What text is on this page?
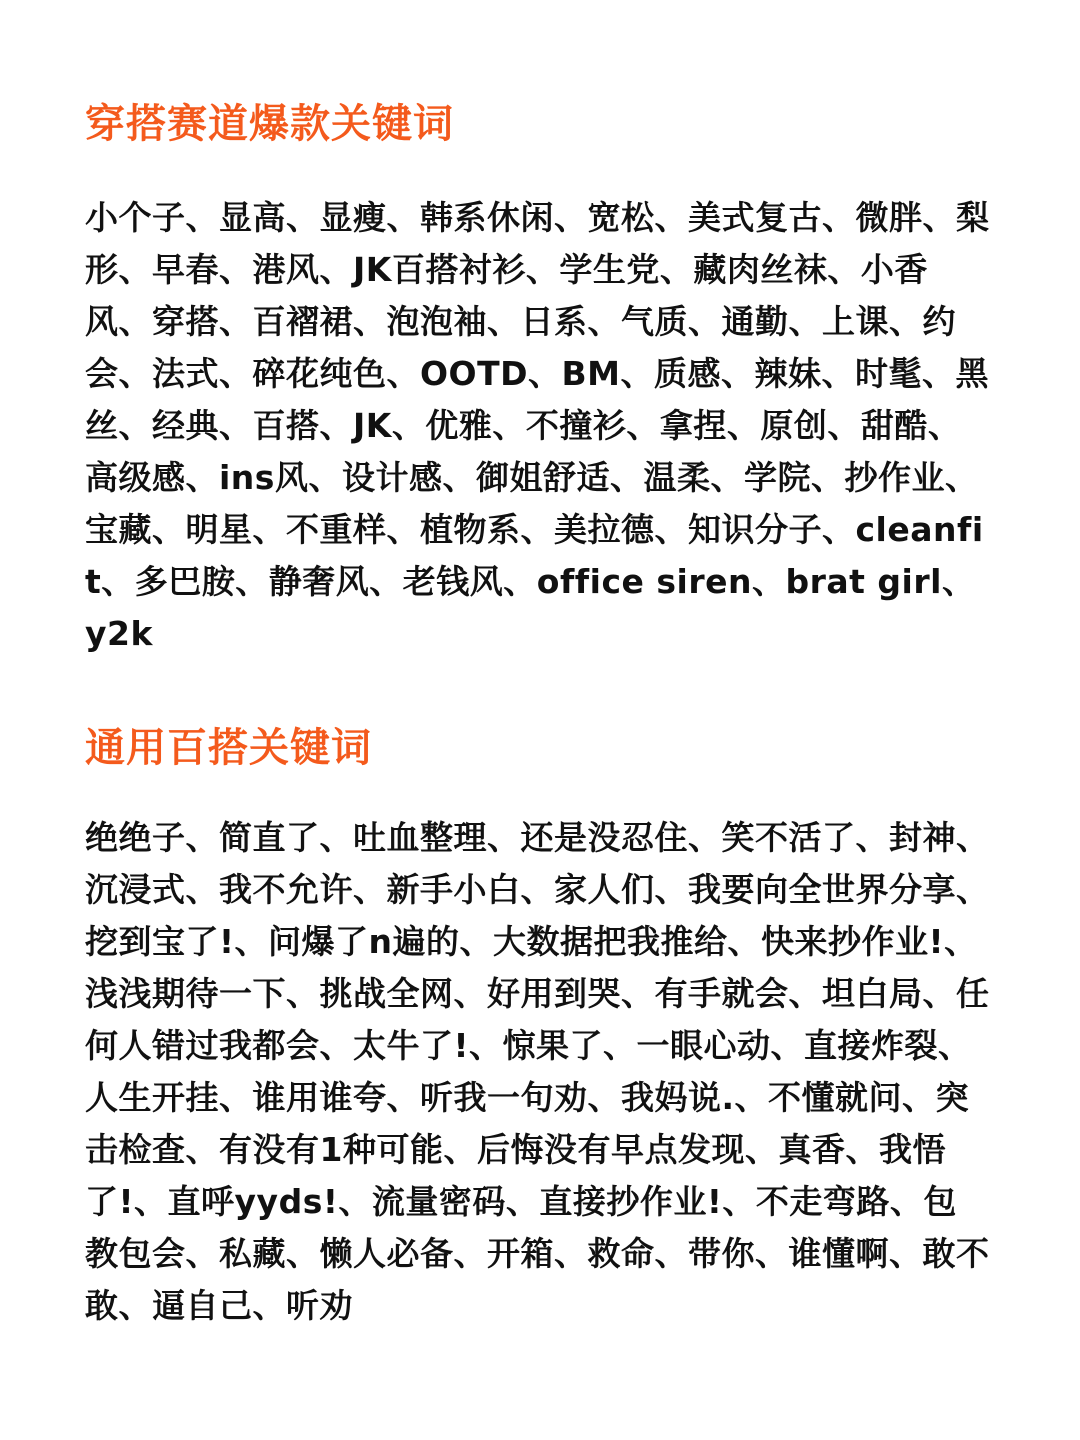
穿搭赛道爆款关键词

小个子、显高、显瘦、韩系休闲、宽松、美式复古、微胖、梨形、早春、港风、JK百搭衬衫、学生党、藏肉丝袜、小香风、穿搭、百褶裙、泡泡袖、日系、气质、通勤、上课、约会、法式、碎花纯色、OOTD、BM、质感、辣妹、时髦、黑丝、经典、百搭、JK、优雅、不撞衫、拿捏、原创、甜酷、高级感、ins风、设计感、御姐舒适、温柔、学院、抄作业、宝藏、明星、不重样、植物系、美拉德、知识分子、cleanfit、多巴胺、静奢风、老钱风、office siren、brat girl、y2k

通用百搭关键词

绝绝子、简直了、吐血整理、还是没忍住、笑不活了、封神、沉浸式、我不允许、新手小白、家人们、我要向全世界分享、挖到宝了!、问爆了n遍的、大数据把我推给、快来抄作业!、浅浅期待一下、挑战全网、好用到哭、有手就会、坦白局、任何人错过我都会、太牛了!、惊果了、一眼心动、直接炸裂、人生开挂、谁用谁夸、听我一句劝、我妈说.、不懂就问、突击检查、有没有1种可能、后悔没有早点发现、真香、我悟了!、直呼yyds!、流量密码、直接抄作业!、不走弯路、包教包会、私藏、懒人必备、开箱、救命、带你、谁懂啊、敢不敢、逼自己、听劝
